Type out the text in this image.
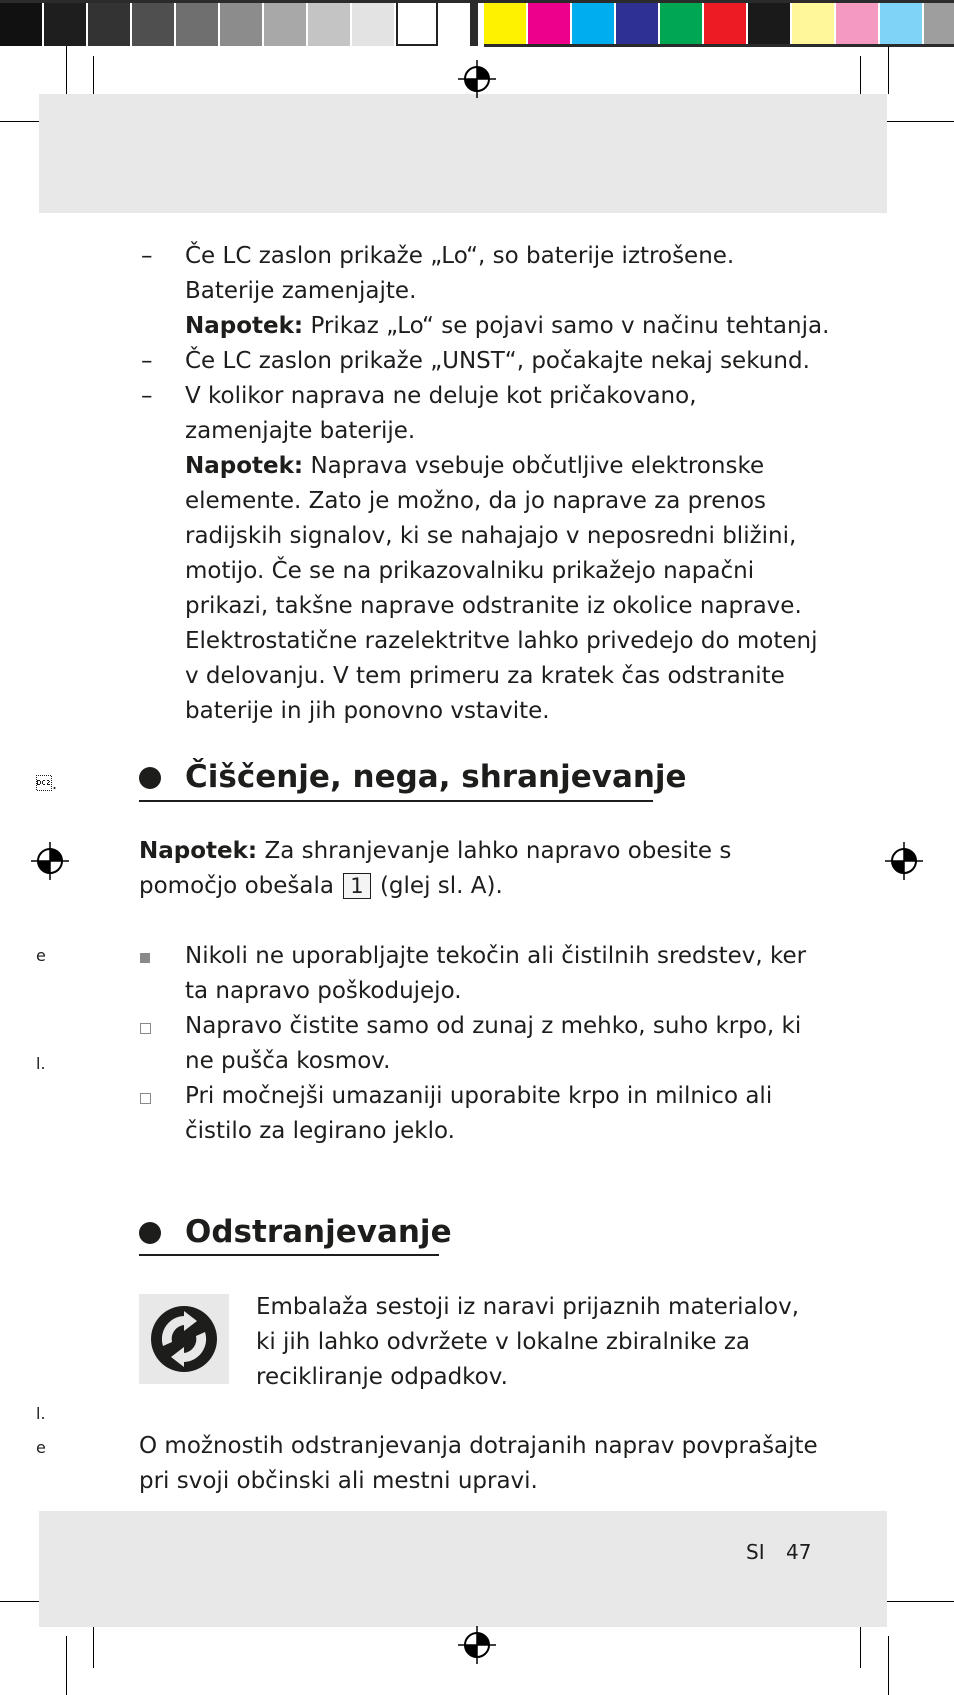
.
e
l.
l.
e
– Če LC zaslon prikaže „Lo“, so baterije iztrošene. Baterije zamenjajte.

Napotek: Prikaz „Lo“ se pojavi samo v načinu tehtanja.

– Če LC zaslon prikaže „UNST“, počakajte nekaj sekund.

– V kolikor naprava ne deluje kot pričakovano, zamenjajte baterije.

Napotek: Naprava vsebuje občutljive elektronske elemente. Zato je možno, da jo naprave za prenos radijskih signalov, ki se nahajajo v neposredni bližini, motijo. Če se na prikazovalniku prikažejo napačni prikazi, takšne naprave odstranite iz okolice naprave. Elektrostatične razelektritve lahko privedejo do motenj v delovanju. V tem primeru za kratek čas odstranite baterije in jih ponovno vstavite.

Čiščenje, nega, shranjevanje

Napotek: Za shranjevanje lahko napravo obesite s pomočjo obešala 1 (glej sl. A).

Nikoli ne uporabljajte tekočin ali čistilnih sredstev, ker ta napravo poškodujejo.

Napravo čistite samo od zunaj z mehko, suho krpo, ki ne pušča kosmov.

Pri močnejši umazaniji uporabite krpo in milnico ali čistilo za legirano jeklo.

Odstranjevanje

Embalaža sestoji iz naravi prijaznih materialov, ki jih lahko odvržete v lokalne zbiralnike za recikliranje odpadkov.

O možnostih odstranjevanja dotrajanih naprav povprašajte pri svoji občinski ali mestni upravi.

SI 47
